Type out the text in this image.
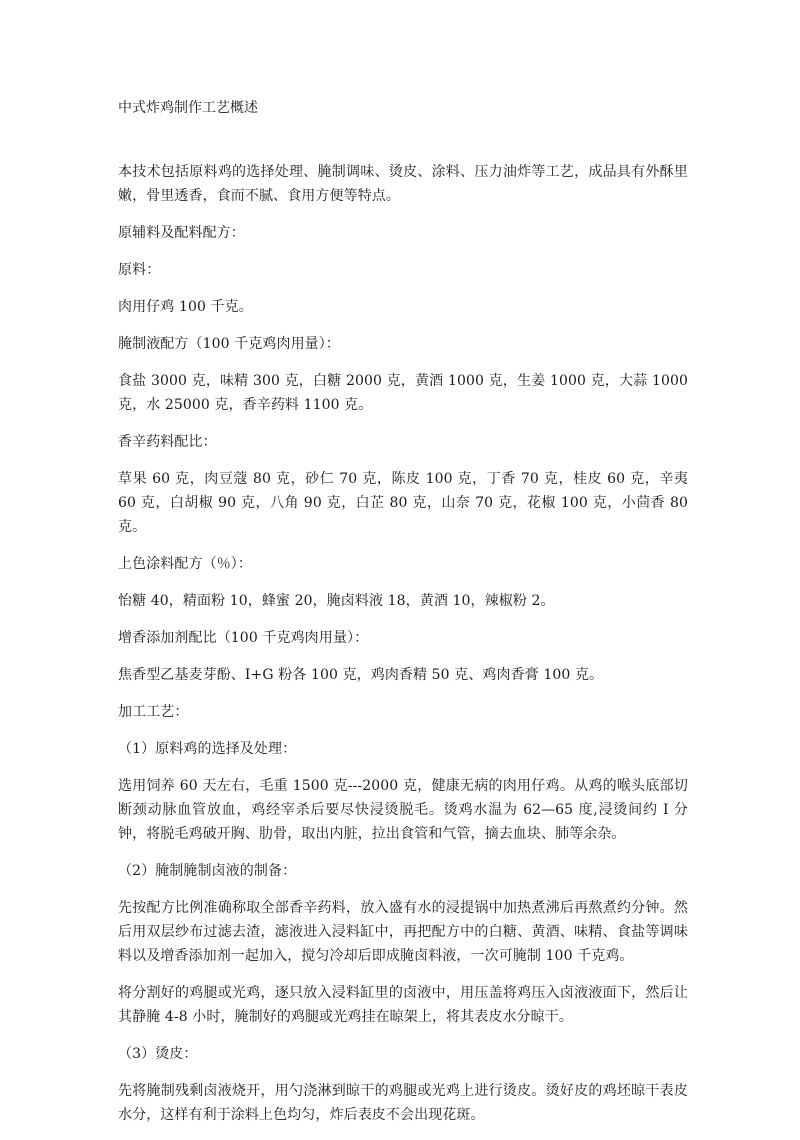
中式炸鸡制作工艺概述

本技术包括原料鸡的选择处理、腌制调味、烫皮、涂料、压力油炸等工艺，成品具有外酥里嫩，骨里透香，食而不腻、食用方便等特点。

原辅料及配料配方：

原料：

肉用仔鸡 100 千克。

腌制液配方（100 千克鸡肉用量）：

食盐 3000 克，味精 300 克，白糖 2000 克，黄酒 1000 克，生姜 1000 克，大蒜 1000 克，水 25000 克，香辛药料 1100 克。

香辛药料配比：

草果 60 克，肉豆蔻 80 克，砂仁 70 克，陈皮 100 克，丁香 70 克，桂皮 60 克，辛夷 60 克，白胡椒 90 克，八角 90 克，白芷 80 克，山奈 70 克，花椒 100 克，小茴香 80 克。

上色涂料配方（％）：

怡糖 40，精面粉 10，蜂蜜 20，腌卤料液 18，黄酒 10，辣椒粉 2。

增香添加剂配比（100 千克鸡肉用量）：

焦香型乙基麦芽酚、I+G 粉各 100 克，鸡肉香精 50 克、鸡肉香膏 100 克。

加工工艺：

（1）原料鸡的选择及处理：

选用饲养 60 天左右，毛重 1500 克---2000 克，健康无病的肉用仔鸡。从鸡的喉头底部切断颈动脉血管放血，鸡经宰杀后要尽快浸烫脱毛。烫鸡水温为 62—65 度,浸烫间约 I 分钟，将脱毛鸡破开胸、肋骨，取出内脏，拉出食管和气管，摘去血块、肺等余杂。

（2）腌制腌制卤液的制备：

先按配方比例准确称取全部香辛药料，放入盛有水的浸提锅中加热煮沸后再熬煮约分钟。然后用双层纱布过滤去渣，滤液进入浸料缸中，再把配方中的白糖、黄酒、味精、食盐等调味料以及增香添加剂一起加入，搅匀冷却后即成腌卤料液，一次可腌制 100 千克鸡。

将分割好的鸡腿或光鸡，逐只放入浸料缸里的卤液中，用压盖将鸡压入卤液液面下，然后让其静腌 4-8 小时，腌制好的鸡腿或光鸡挂在晾架上，将其表皮水分晾干。

（3）烫皮：

先将腌制残剩卤液烧开，用勺浇淋到晾干的鸡腿或光鸡上进行烫皮。烫好皮的鸡坯晾干表皮水分，这样有利于涂料上色均匀，炸后表皮不会出现花斑。
